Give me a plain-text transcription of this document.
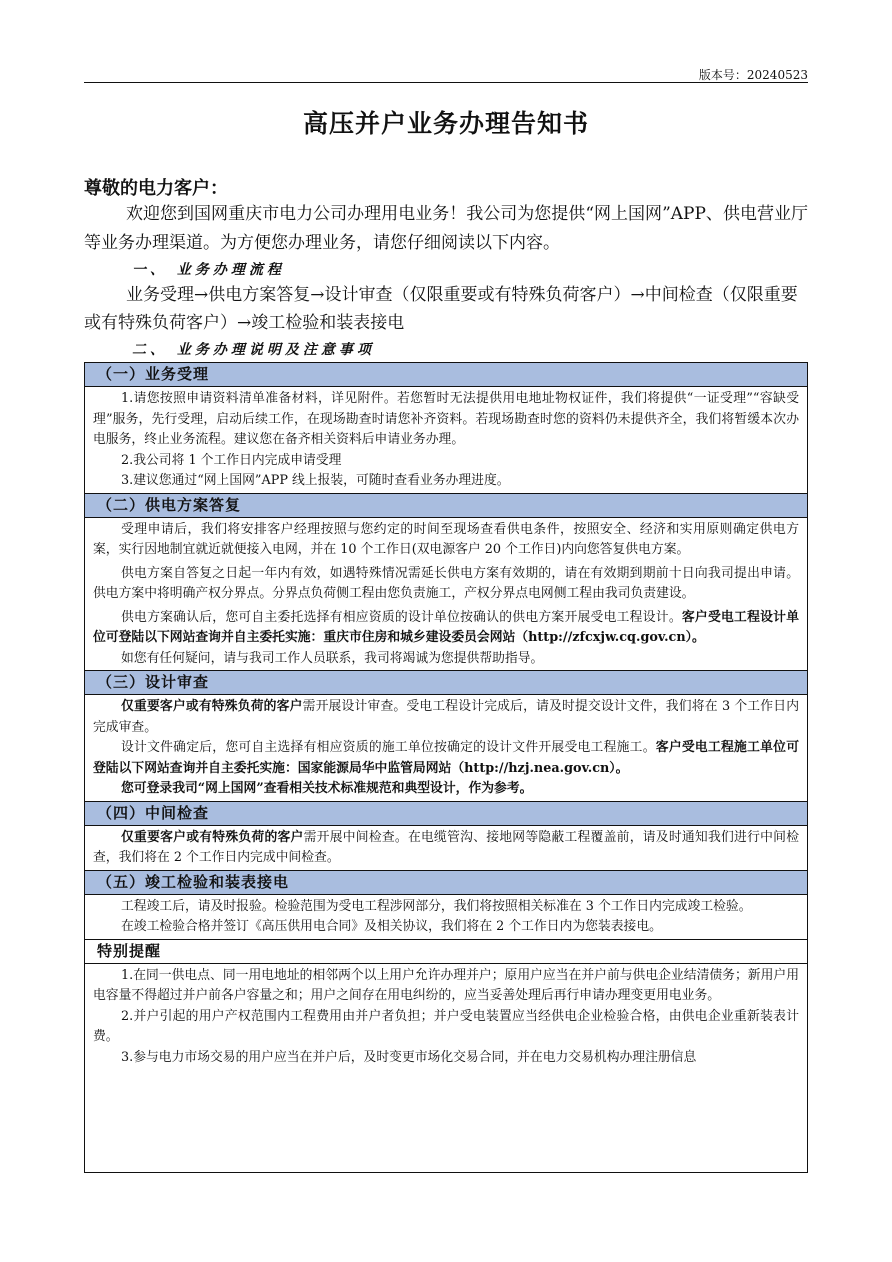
版本号：20240523
高压并户业务办理告知书
尊敬的电力客户：

欢迎您到国网重庆市电力公司办理用电业务！我公司为您提供“网上国网”APP、供电营业厅等业务办理渠道。为方便您办理业务，请您仔细阅读以下内容。

一、 业务办理流程

业务受理→供电方案答复→设计审查（仅限重要或有特殊负荷客户）→中间检查（仅限重要或有特殊负荷客户）→竣工检验和装表接电

二、 业务办理说明及注意事项
（一）业务受理

1.请您按照申请资料清单准备材料，详见附件。若您暂时无法提供用电地址物权证件，我们将提供“一证受理”“容缺受理”服务，先行受理，启动后续工作，在现场勘查时请您补齐资料。若现场勘查时您的资料仍未提供齐全，我们将暂缓本次办电服务，终止业务流程。建议您在备齐相关资料后申请业务办理。

2.我公司将 1 个工作日内完成申请受理

3.建议您通过“网上国网”APP 线上报装，可随时查看业务办理进度。

（二）供电方案答复

受理申请后，我们将安排客户经理按照与您约定的时间至现场查看供电条件，按照安全、经济和实用原则确定供电方案，实行因地制宜就近就便接入电网，并在 10 个工作日(双电源客户 20 个工作日)内向您答复供电方案。

供电方案自答复之日起一年内有效，如遇特殊情况需延长供电方案有效期的，请在有效期到期前十日向我司提出申请。供电方案中将明确产权分界点。分界点负荷侧工程由您负责施工，产权分界点电网侧工程由我司负责建设。

供电方案确认后，您可自主委托选择有相应资质的设计单位按确认的供电方案开展受电工程设计。客户受电工程设计单位可登陆以下网站查询并自主委托实施：重庆市住房和城乡建设委员会网站（http://zfcxjw.cq.gov.cn）。

如您有任何疑问，请与我司工作人员联系，我司将竭诚为您提供帮助指导。

（三）设计审查

仅重要客户或有特殊负荷的客户需开展设计审查。受电工程设计完成后，请及时提交设计文件，我们将在 3 个工作日内完成审查。

设计文件确定后，您可自主选择有相应资质的施工单位按确定的设计文件开展受电工程施工。客户受电工程施工单位可登陆以下网站查询并自主委托实施：国家能源局华中监管局网站（http://hzj.nea.gov.cn）。

您可登录我司“网上国网”查看相关技术标准规范和典型设计，作为参考。

（四）中间检查

仅重要客户或有特殊负荷的客户需开展中间检查。在电缆管沟、接地网等隐蔽工程覆盖前，请及时通知我们进行中间检查，我们将在 2 个工作日内完成中间检查。

（五）竣工检验和装表接电

工程竣工后，请及时报验。检验范围为受电工程涉网部分，我们将按照相关标准在 3 个工作日内完成竣工检验。

在竣工检验合格并签订《高压供用电合同》及相关协议，我们将在 2 个工作日内为您装表接电。

特别提醒

1.在同一供电点、同一用电地址的相邻两个以上用户允许办理并户；原用户应当在并户前与供电企业结清债务；新用户用电容量不得超过并户前各户容量之和；用户之间存在用电纠纷的，应当妥善处理后再行申请办理变更用电业务。

2.并户引起的用户产权范围内工程费用由并户者负担；并户受电装置应当经供电企业检验合格，由供电企业重新装表计费。

3.参与电力市场交易的用户应当在并户后，及时变更市场化交易合同，并在电力交易机构办理注册信息
